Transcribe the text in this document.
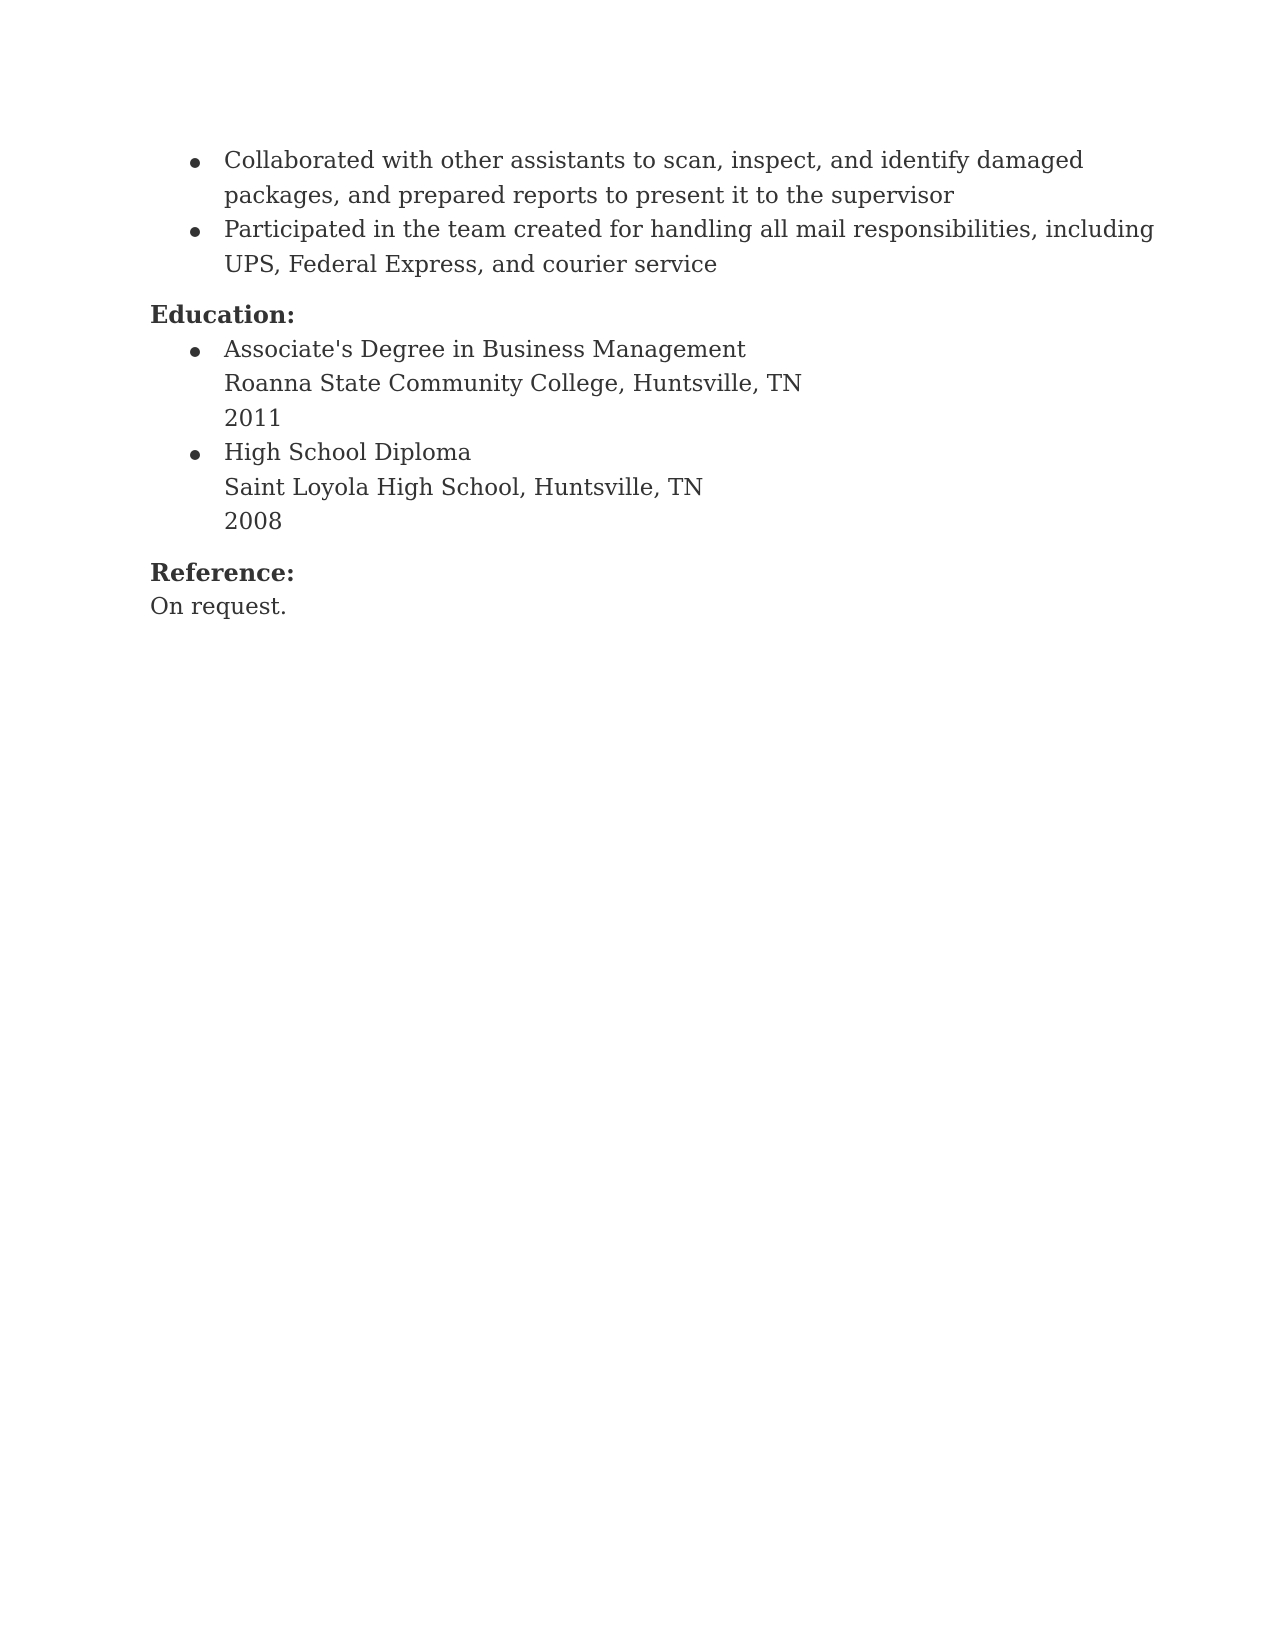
Collaborated with other assistants to scan, inspect, and identify damaged
packages, and prepared reports to present it to the supervisor
Participated in the team created for handling all mail responsibilities, including
UPS, Federal Express, and courier service
Education:
Associate's Degree in Business Management
Roanna State Community College, Huntsville, TN
2011
High School Diploma
Saint Loyola High School, Huntsville, TN
2008
Reference:
On request.
